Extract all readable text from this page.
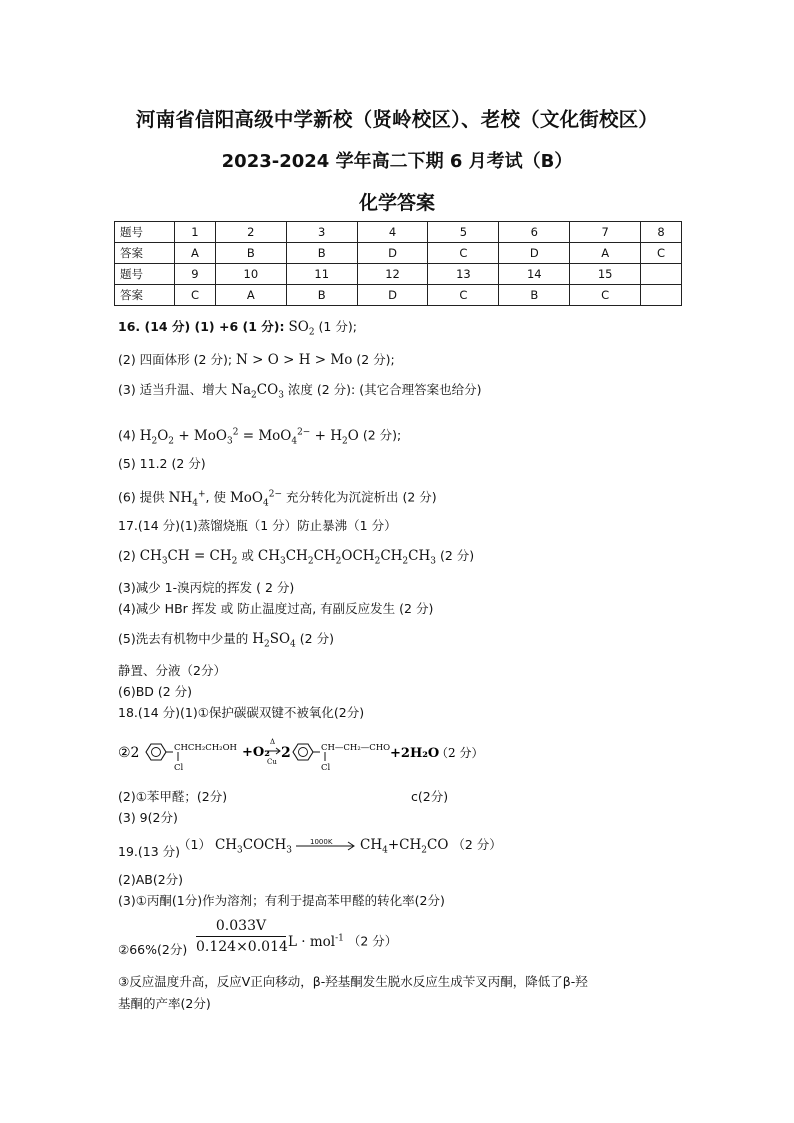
河南省信阳高级中学新校（贤岭校区）、老校（文化街校区）
2023-2024 学年高二下期 6 月考试（B）
化学答案
题号	1	2	3	4	5	6	7	8
答案	A	B	B	D	C	D	A	C
题号	9	10	11	12	13	14	15	
答案	C	A	B	D	C	B	C	
16. (14 分) (1) +6 (1 分): $SO_2$ (1 分);
(2) 四面体形 (2 分); N > O > H > Mo (2 分);
(3) 适当升温、增大 $Na_2CO_3$ 浓度 (2 分): (其它合理答案也给分)
(4) $H_2O_2 + MoO_3^2 = MoO_4^{2-} + H_2O$ (2 分);
(5) 11.2 (2 分)
(6) 提供 $NH_4^+$, 使 MoO$_4^{2-}$ 充分转化为沉淀析出 (2 分)
17.(14 分)(1)蒸馏烧瓶（1 分）防止暴沸（1 分）
(2) $CH_3CH = CH_2$ 或 $CH_3CH_2CH_2OCH_2CH_2CH_3$ (2 分)
(3)减少 1-溴丙烷的挥发 ( 2 分)
(4)减少 HBr 挥发 或 防止温度过高, 有副反应发生 (2 分)
(5)洗去有机物中少量的 $H_2SO_4$ (2 分)
静置、分液（2分）
(6)BD (2 分)
18.(14 分)(1)①保护碳碳双键不被氧化(2分)
②2	CHCH₂CH₂OH
Cl
+O₂
Δ
Cu
2	CH—CH₂—CHO
Cl
+2H₂O
（2 分）
(2)①苯甲醛；(2分)	c(2分)
(3) 9(2分)
19.(13 分)
（1） $CH_3COCH_3$
1000K $CH_4+CH_2CO$ （2 分）
(2)AB(2分)
(3)①丙酮(1分)作为溶剂；有利于提高苯甲醛的转化率(2分)
②66%(2分)
0.033V
0.124×0.014 L · mol$^{-1}$ （2 分）
③反应温度升高，反应Ⅴ正向移动，β-羟基酮发生脱水反应生成苄叉丙酮，降低了β-羟
基酮的产率(2分)
